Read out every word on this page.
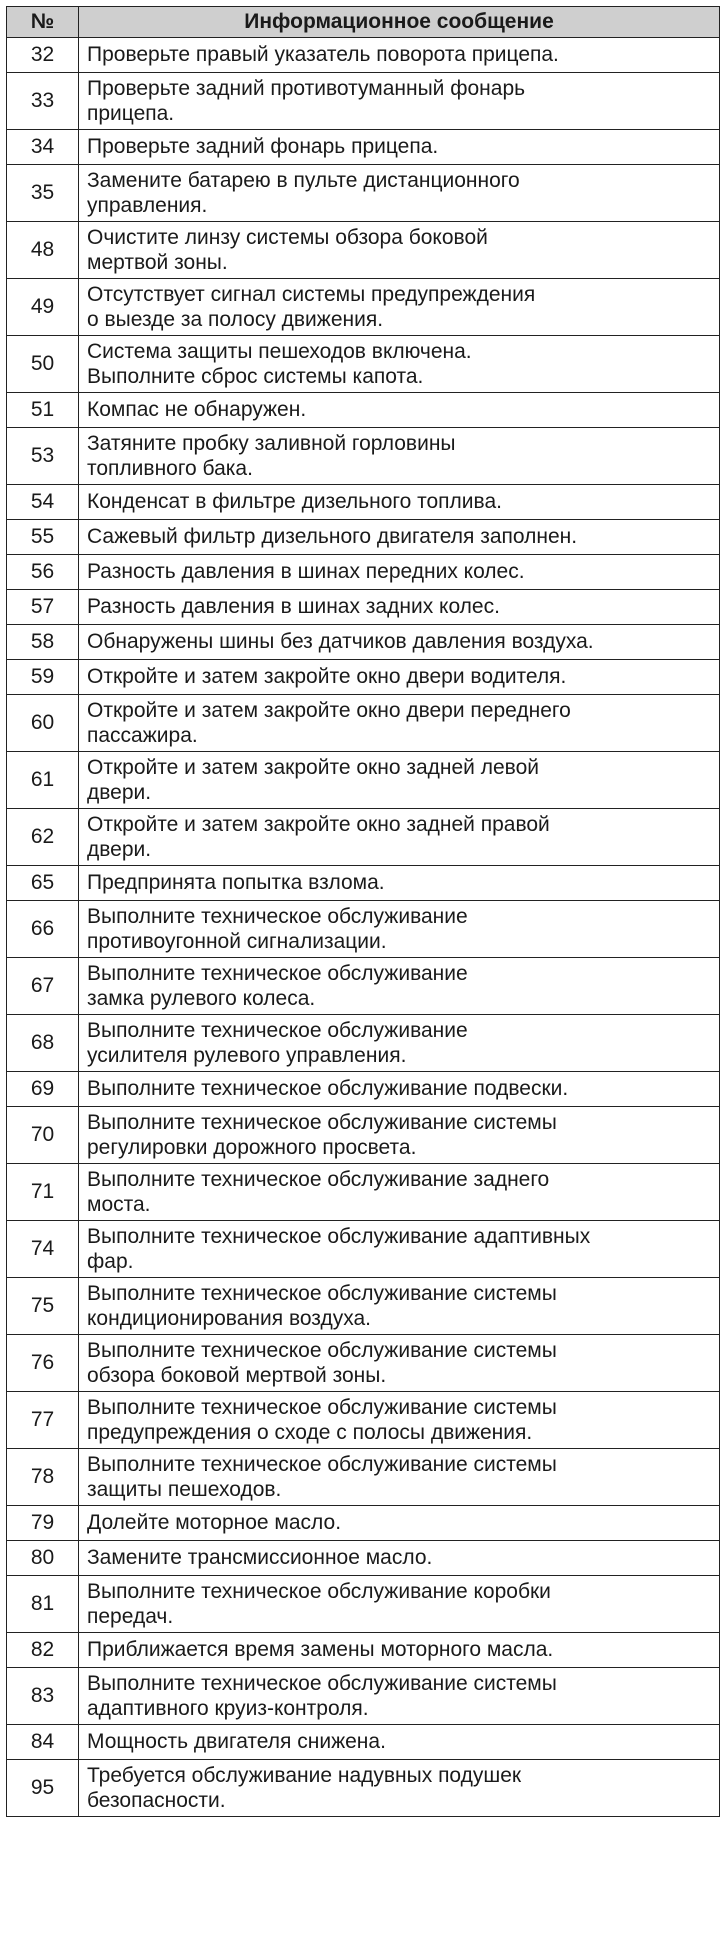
№	Информационное сообщение
32	Проверьте правый указатель поворота прицепа.
33	Проверьте задний противотуманный фонарь
прицепа.
34	Проверьте задний фонарь прицепа.
35	Замените батарею в пульте дистанционного
управления.
48	Очистите линзу системы обзора боковой
мертвой зоны.
49	Отсутствует сигнал системы предупреждения
о выезде за полосу движения.
50	Система защиты пешеходов включена.
Выполните сброс системы капота.
51	Компас не обнаружен.
53	Затяните пробку заливной горловины
топливного бака.
54	Конденсат в фильтре дизельного топлива.
55	Сажевый фильтр дизельного двигателя заполнен.
56	Разность давления в шинах передних колес.
57	Разность давления в шинах задних колес.
58	Обнаружены шины без датчиков давления воздуха.
59	Откройте и затем закройте окно двери водителя.
60	Откройте и затем закройте окно двери переднего
пассажира.
61	Откройте и затем закройте окно задней левой
двери.
62	Откройте и затем закройте окно задней правой
двери.
65	Предпринята попытка взлома.
66	Выполните техническое обслуживание
противоугонной сигнализации.
67	Выполните техническое обслуживание
замка рулевого колеса.
68	Выполните техническое обслуживание
усилителя рулевого управления.
69	Выполните техническое обслуживание подвески.
70	Выполните техническое обслуживание системы
регулировки дорожного просвета.
71	Выполните техническое обслуживание заднего
моста.
74	Выполните техническое обслуживание адаптивных
фар.
75	Выполните техническое обслуживание системы
кондиционирования воздуха.
76	Выполните техническое обслуживание системы
обзора боковой мертвой зоны.
77	Выполните техническое обслуживание системы
предупреждения о сходе с полосы движения.
78	Выполните техническое обслуживание системы
защиты пешеходов.
79	Долейте моторное масло.
80	Замените трансмиссионное масло.
81	Выполните техническое обслуживание коробки
передач.
82	Приближается время замены моторного масла.
83	Выполните техническое обслуживание системы
адаптивного круиз-контроля.
84	Мощность двигателя снижена.
95	Требуется обслуживание надувных подушек
безопасности.
